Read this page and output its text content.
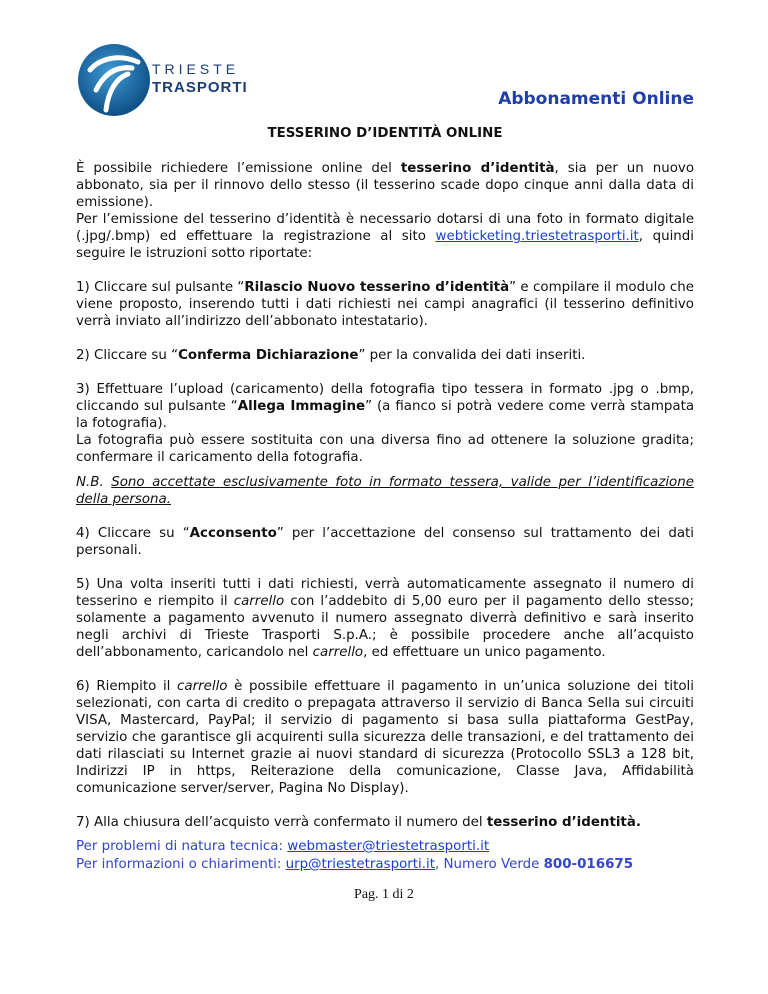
TRIESTE
TRASPORTI
Abbonamenti Online
TESSERINO D’IDENTITÀ ONLINE

È possibile richiedere l’emissione online del tesserino d’identità, sia per un nuovo abbonato, sia per il rinnovo dello stesso (il tesserino scade dopo cinque anni dalla data di emissione).

Per l’emissione del tesserino d’identità è necessario dotarsi di una foto in formato digitale (.jpg/.bmp) ed effettuare la registrazione al sito webticketing.triestetrasporti.it, quindi seguire le istruzioni sotto riportate:

1) Cliccare sul pulsante “Rilascio Nuovo tesserino d’identità” e compilare il modulo che viene proposto, inserendo tutti i dati richiesti nei campi anagrafici (il tesserino definitivo verrà inviato all’indirizzo dell’abbonato intestatario).

2) Cliccare su “Conferma Dichiarazione” per la convalida dei dati inseriti.

3) Effettuare l’upload (caricamento) della fotografia tipo tessera in formato .jpg o .bmp, cliccando sul pulsante “Allega Immagine” (a fianco si potrà vedere come verrà stampata la fotografia).

La fotografia può essere sostituita con una diversa fino ad ottenere la soluzione gradita; confermare il caricamento della fotografia.

N.B. Sono accettate esclusivamente foto in formato tessera, valide per l’identificazione della persona.

4) Cliccare su “Acconsento” per l’accettazione del consenso sul trattamento dei dati personali.

5) Una volta inseriti tutti i dati richiesti, verrà automaticamente assegnato il numero di tesserino e riempito il carrello con l’addebito di 5,00 euro per il pagamento dello stesso; solamente a pagamento avvenuto il numero assegnato diverrà definitivo e sarà inserito negli archivi di Trieste Trasporti S.p.A.; è possibile procedere anche all’acquisto dell’abbonamento, caricandolo nel carrello, ed effettuare un unico pagamento.

6) Riempito il carrello è possibile effettuare il pagamento in un’unica soluzione dei titoli selezionati, con carta di credito o prepagata attraverso il servizio di Banca Sella sui circuiti VISA, Mastercard, PayPal; il servizio di pagamento si basa sulla piattaforma GestPay, servizio che garantisce gli acquirenti sulla sicurezza delle transazioni, e del trattamento dei dati rilasciati su Internet grazie ai nuovi standard di sicurezza (Protocollo SSL3 a 128 bit, Indirizzi IP in https, Reiterazione della comunicazione, Classe Java, Affidabilità comunicazione server/server, Pagina No Display).

7) Alla chiusura dell’acquisto verrà confermato il numero del tesserino d’identità.

Per problemi di natura tecnica: webmaster@triestetrasporti.it
Per informazioni o chiarimenti: urp@triestetrasporti.it, Numero Verde 800-016675
Pag. 1 di 2
